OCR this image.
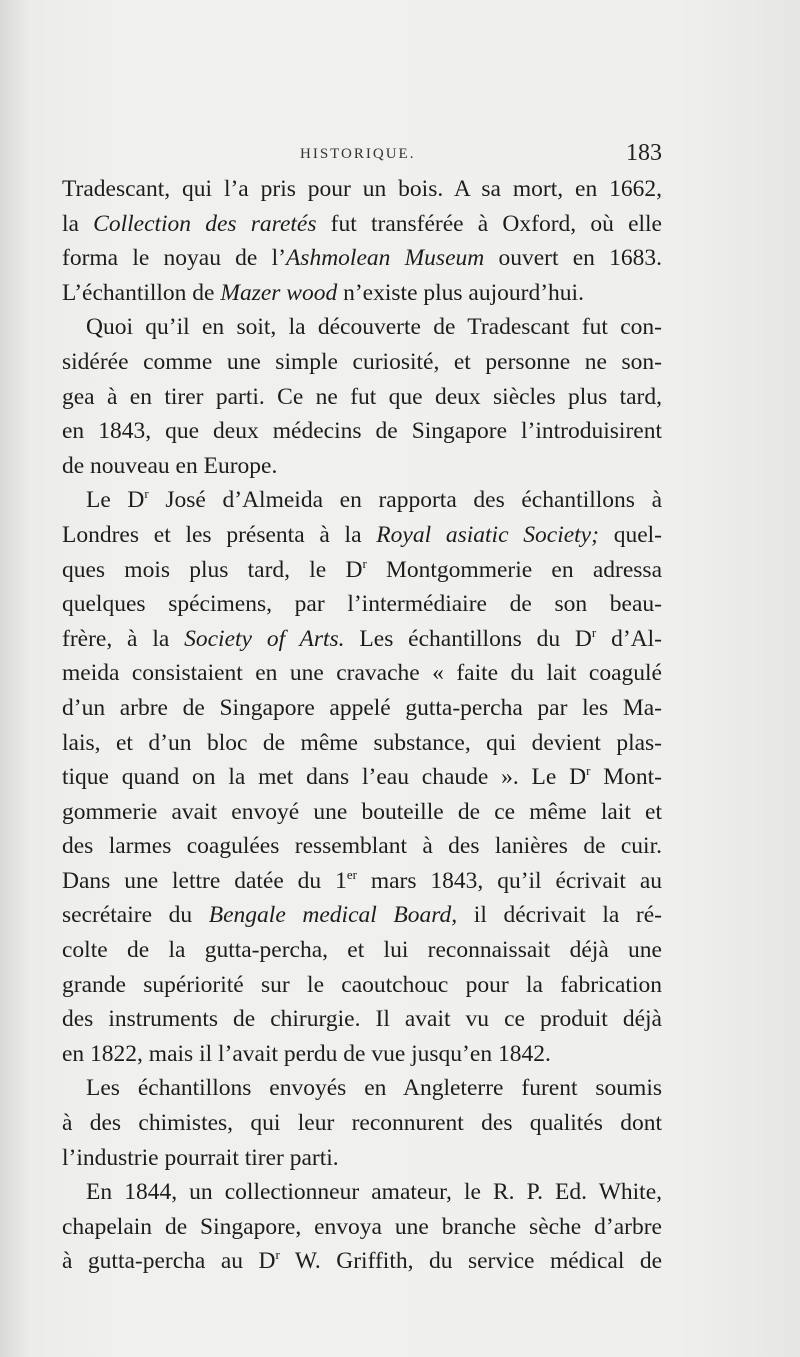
HISTORIQUE.	183

Tradescant, qui l’a pris pour un bois. A sa mort, en 1662,
la Collection des raretés fut transférée à Oxford, où elle
forma le noyau de l’Ashmolean Museum ouvert en 1683.
L’échantillon de Mazer wood n’existe plus aujourd’hui.

Quoi qu’il en soit, la découverte de Tradescant fut con-
sidérée comme une simple curiosité, et personne ne son-
gea à en tirer parti. Ce ne fut que deux siècles plus tard,
en 1843, que deux médecins de Singapore l’introduisirent
de nouveau en Europe.

Le $D^r$ José d’Almeida en rapporta des échantillons à
Londres et les présenta à la Royal asiatic Society; quel-
ques mois plus tard, le $D^r$ Montgommerie en adressa
quelques spécimens, par l’intermédiaire de son beau-
frère, à la Society of Arts. Les échantillons du $D^r$ d’Al-
meida consistaient en une cravache « faite du lait coagulé
d’un arbre de Singapore appelé gutta-percha par les Ma-
lais, et d’un bloc de même substance, qui devient plas-
tique quand on la met dans l’eau chaude ». Le $D^r$ Mont-
gommerie avait envoyé une bouteille de ce même lait et
des larmes coagulées ressemblant à des lanières de cuir.
Dans une lettre datée du 1er mars 1843, qu’il écrivait au
secrétaire du Bengale medical Board, il décrivait la ré-
colte de la gutta-percha, et lui reconnaissait déjà une
grande supériorité sur le caoutchouc pour la fabrication
des instruments de chirurgie. Il avait vu ce produit déjà
en 1822, mais il l’avait perdu de vue jusqu’en 1842.

Les échantillons envoyés en Angleterre furent soumis
à des chimistes, qui leur reconnurent des qualités dont
l’industrie pourrait tirer parti.

En 1844, un collectionneur amateur, le R. P. Ed. White,
chapelain de Singapore, envoya une branche sèche d’arbre
à gutta-percha au $D^r$ W. Griffith, du service médical de
